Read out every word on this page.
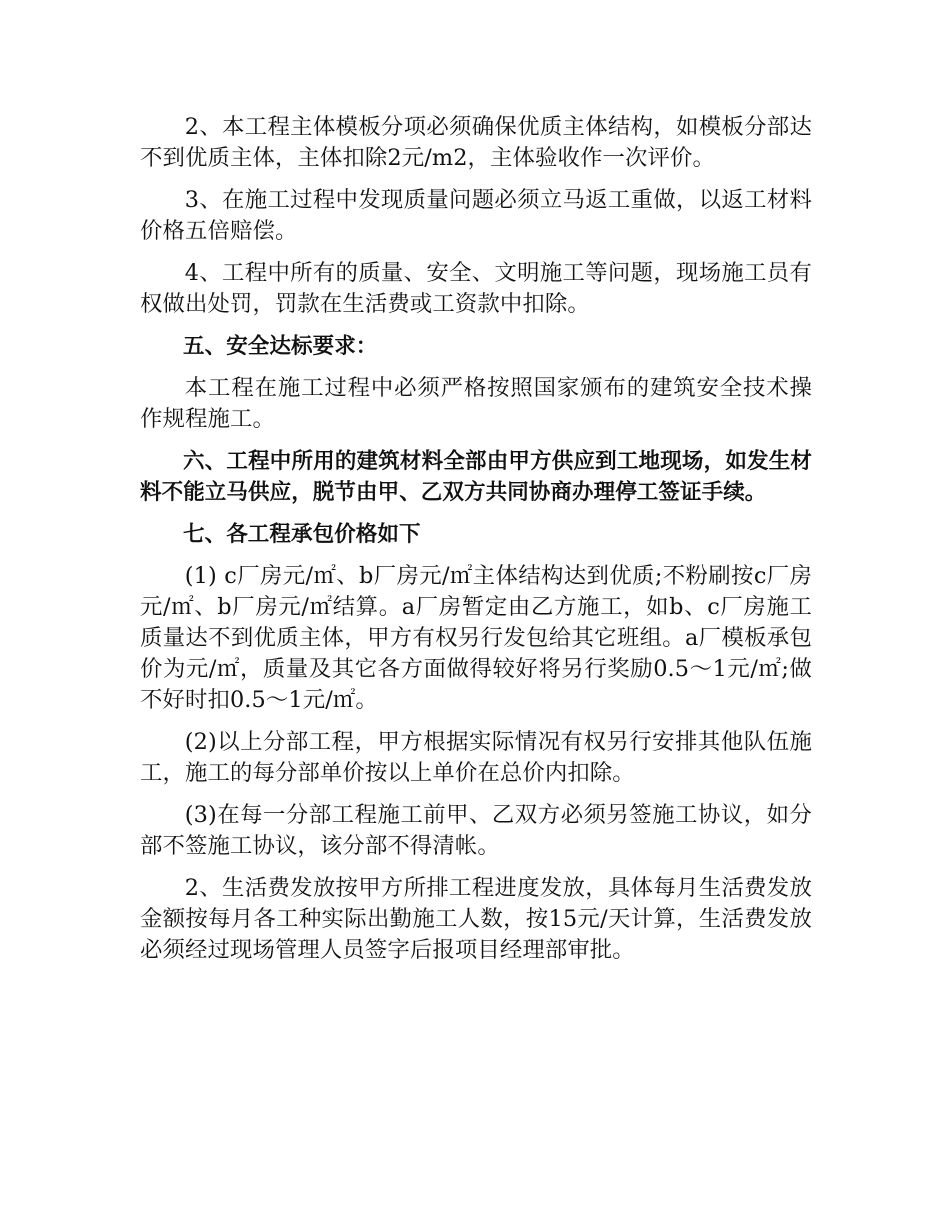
2、本工程主体模板分项必须确保优质主体结构，如模板分部达不到优质主体，主体扣除2元/m2，主体验收作一次评价。

3、在施工过程中发现质量问题必须立马返工重做，以返工材料价格五倍赔偿。

4、工程中所有的质量、安全、文明施工等问题，现场施工员有权做出处罚，罚款在生活费或工资款中扣除。

五、安全达标要求：

本工程在施工过程中必须严格按照国家颁布的建筑安全技术操作规程施工。

六、工程中所用的建筑材料全部由甲方供应到工地现场，如发生材料不能立马供应，脱节由甲、乙双方共同协商办理停工签证手续。

七、各工程承包价格如下

(1) c厂房元/㎡、b厂房元/㎡主体结构达到优质;不粉刷按c厂房元/㎡、b厂房元/㎡结算。a厂房暂定由乙方施工，如b、c厂房施工质量达不到优质主体，甲方有权另行发包给其它班组。a厂模板承包价为元/㎡，质量及其它各方面做得较好将另行奖励0.5～1元/㎡;做不好时扣0.5～1元/㎡。

(2)以上分部工程，甲方根据实际情况有权另行安排其他队伍施工，施工的每分部单价按以上单价在总价内扣除。

(3)在每一分部工程施工前甲、乙双方必须另签施工协议，如分部不签施工协议，该分部不得清帐。

2、生活费发放按甲方所排工程进度发放，具体每月生活费发放金额按每月各工种实际出勤施工人数，按15元/天计算，生活费发放必须经过现场管理人员签字后报项目经理部审批。
